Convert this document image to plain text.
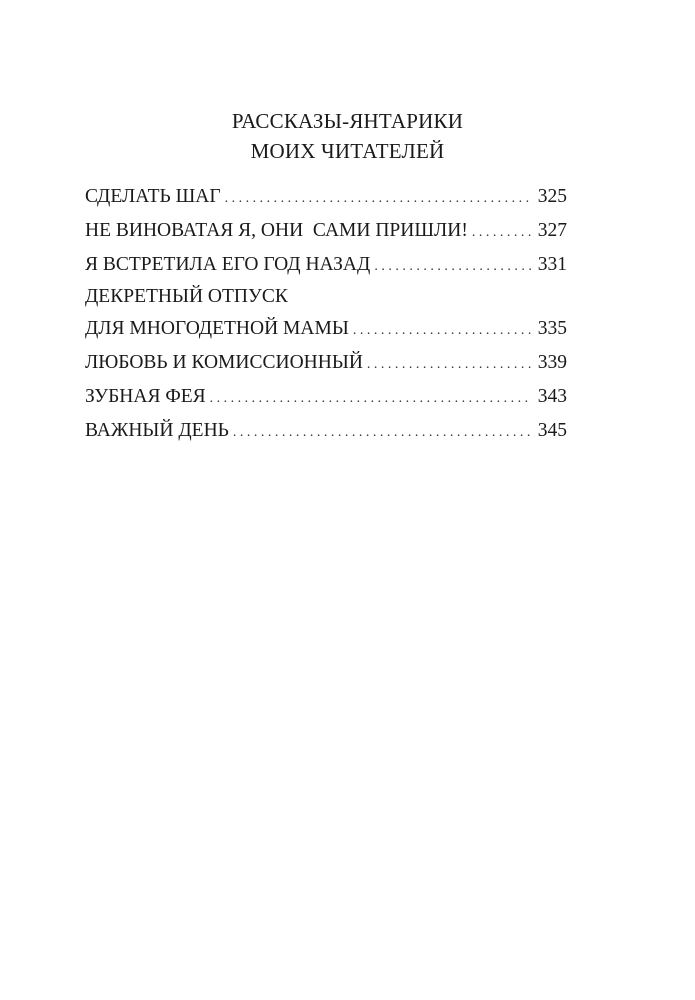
РАССКАЗЫ-ЯНТАРИКИ
МОИХ ЧИТАТЕЛЕЙ
СДЕЛАТЬ ШАГ . . .	325
НЕ ВИНОВАТАЯ Я, ОНИ  САМИ ПРИШЛИ! . . .	327
Я ВСТРЕТИЛА ЕГО ГОД НАЗАД . . .	331
ДЕКРЕТНЫЙ ОТПУСК
ДЛЯ МНОГОДЕТНОЙ МАМЫ . . .	335
ЛЮБОВЬ И КОМИССИОННЫЙ . . .	339
ЗУБНАЯ ФЕЯ . . .	343
ВАЖНЫЙ ДЕНЬ . . .	345
